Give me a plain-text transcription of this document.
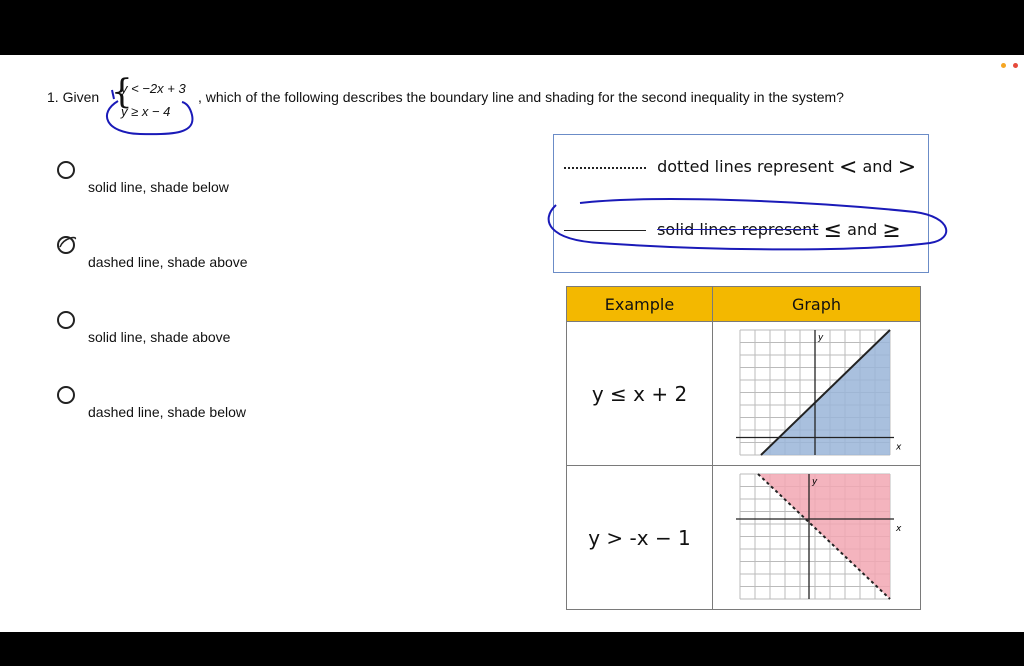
1. Given {
y < −2x + 3
y ≥ x − 4
, which of the following describes the boundary line and shading for the second inequality in the system?
solid line, shade below
dashed line, shade above
solid line, shade above
dashed line, shade below
dotted lines represent < and >
solid lines represent ≤ and ≥
Example	Graph
y ≤ x + 2	x
y

y > -x − 1	x
y
